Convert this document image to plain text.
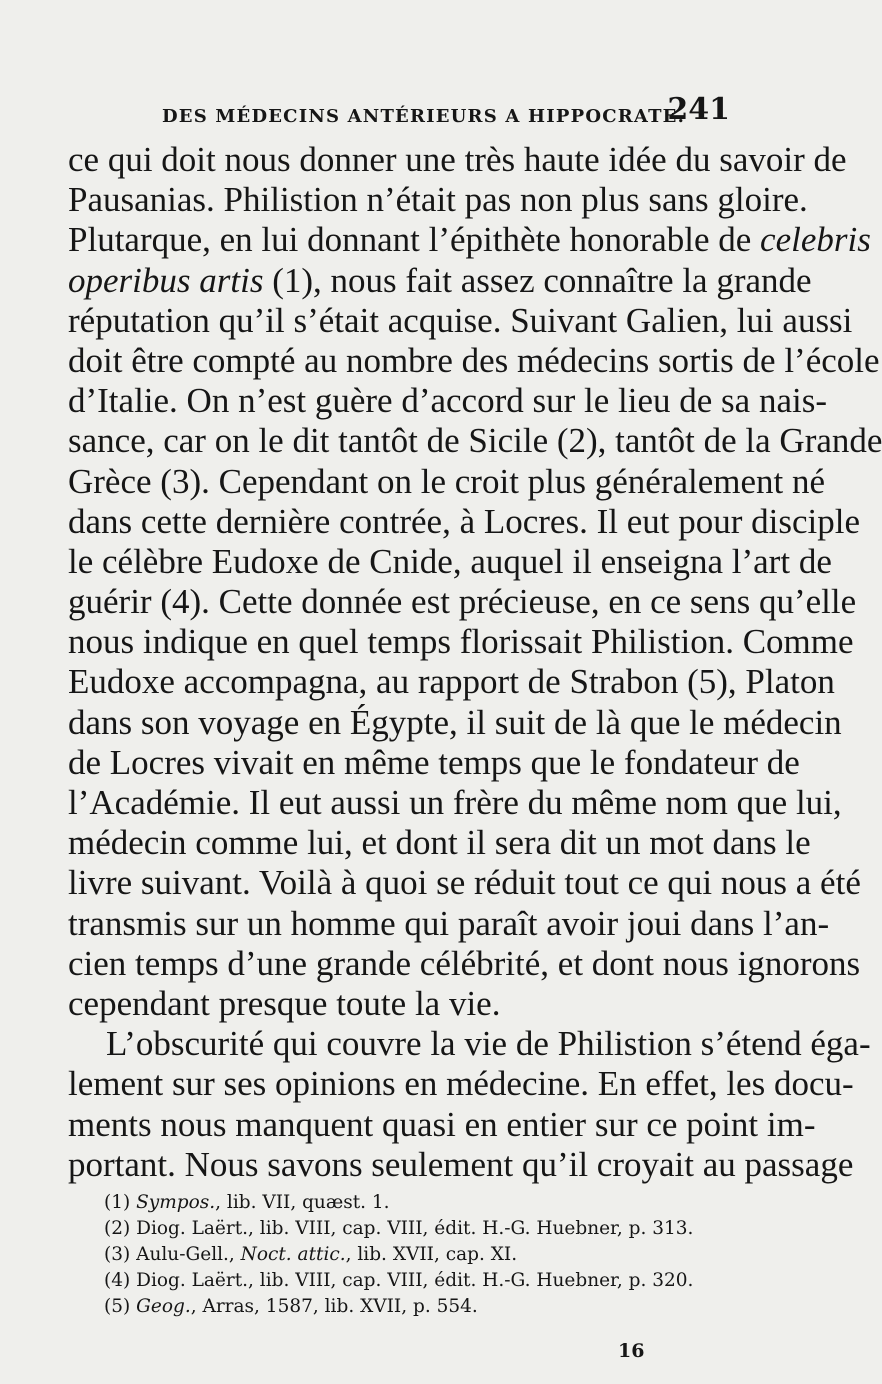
DES MÉDECINS ANTÉRIEURS A HIPPOCRATE.
241
ce qui doit nous donner une très haute idée du savoir de
Pausanias. Philistion n’était pas non plus sans gloire.
Plutarque, en lui donnant l’épithète honorable de celebris
operibus artis (1), nous fait assez connaître la grande
réputation qu’il s’était acquise. Suivant Galien, lui aussi
doit être compté au nombre des médecins sortis de l’école
d’Italie. On n’est guère d’accord sur le lieu de sa nais-
sance, car on le dit tantôt de Sicile (2), tantôt de la Grande
Grèce (3). Cependant on le croit plus généralement né
dans cette dernière contrée, à Locres. Il eut pour disciple
le célèbre Eudoxe de Cnide, auquel il enseigna l’art de
guérir (4). Cette donnée est précieuse, en ce sens qu’elle
nous indique en quel temps florissait Philistion. Comme
Eudoxe accompagna, au rapport de Strabon (5), Platon
dans son voyage en Égypte, il suit de là que le médecin
de Locres vivait en même temps que le fondateur de
l’Académie. Il eut aussi un frère du même nom que lui,
médecin comme lui, et dont il sera dit un mot dans le
livre suivant. Voilà à quoi se réduit tout ce qui nous a été
transmis sur un homme qui paraît avoir joui dans l’an-
cien temps d’une grande célébrité, et dont nous ignorons
cependant presque toute la vie.
L’obscurité qui couvre la vie de Philistion s’étend éga-
lement sur ses opinions en médecine. En effet, les docu-
ments nous manquent quasi en entier sur ce point im-
portant. Nous savons seulement qu’il croyait au passage
(1) Sympos., lib. VII, quæst. 1.
(2) Diog. Laërt., lib. VIII, cap. VIII, édit. H.-G. Huebner, p. 313.
(3) Aulu-Gell., Noct. attic., lib. XVII, cap. XI.
(4) Diog. Laërt., lib. VIII, cap. VIII, édit. H.-G. Huebner, p. 320.
(5) Geog., Arras, 1587, lib. XVII, p. 554.
16
